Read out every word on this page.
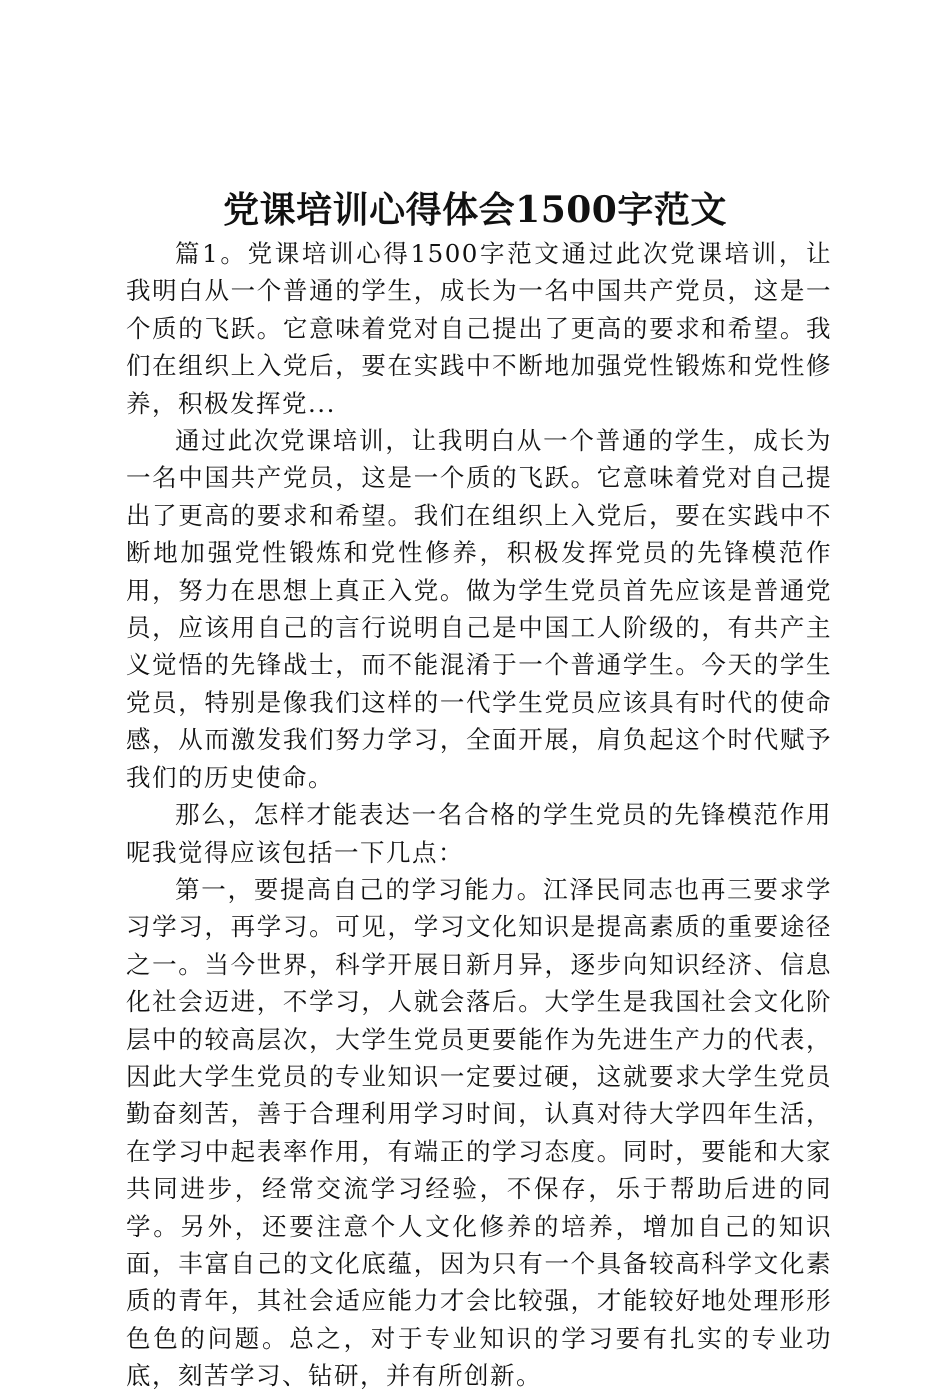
党课培训心得体会1500字范文

篇1。党课培训心得1500字范文通过此次党课培训，让我明白从一个普通的学生，成长为一名中国共产党员，这是一个质的飞跃。它意味着党对自己提出了更高的要求和希望。我们在组织上入党后，要在实践中不断地加强党性锻炼和党性修养，积极发挥党...

通过此次党课培训，让我明白从一个普通的学生，成长为一名中国共产党员，这是一个质的飞跃。它意味着党对自己提出了更高的要求和希望。我们在组织上入党后，要在实践中不断地加强党性锻炼和党性修养，积极发挥党员的先锋模范作用，努力在思想上真正入党。做为学生党员首先应该是普通党员，应该用自己的言行说明自己是中国工人阶级的，有共产主义觉悟的先锋战士，而不能混淆于一个普通学生。今天的学生党员，特别是像我们这样的一代学生党员应该具有时代的使命感，从而激发我们努力学习，全面开展，肩负起这个时代赋予我们的历史使命。

那么，怎样才能表达一名合格的学生党员的先锋模范作用呢我觉得应该包括一下几点：

第一，要提高自己的学习能力。江泽民同志也再三要求学习学习，再学习。可见，学习文化知识是提高素质的重要途径之一。当今世界，科学开展日新月异，逐步向知识经济、信息化社会迈进，不学习，人就会落后。大学生是我国社会文化阶层中的较高层次，大学生党员更要能作为先进生产力的代表，因此大学生党员的专业知识一定要过硬，这就要求大学生党员勤奋刻苦，善于合理利用学习时间，认真对待大学四年生活，在学习中起表率作用，有端正的学习态度。同时，要能和大家共同进步，经常交流学习经验，不保存，乐于帮助后进的同学。另外，还要注意个人文化修养的培养，增加自己的知识面，丰富自己的文化底蕴，因为只有一个具备较高科学文化素质的青年，其社会适应能力才会比较强，才能较好地处理形形色色的问题。总之，对于专业知识的学习要有扎实的专业功底，刻苦学习、钻研，并有所创新。
